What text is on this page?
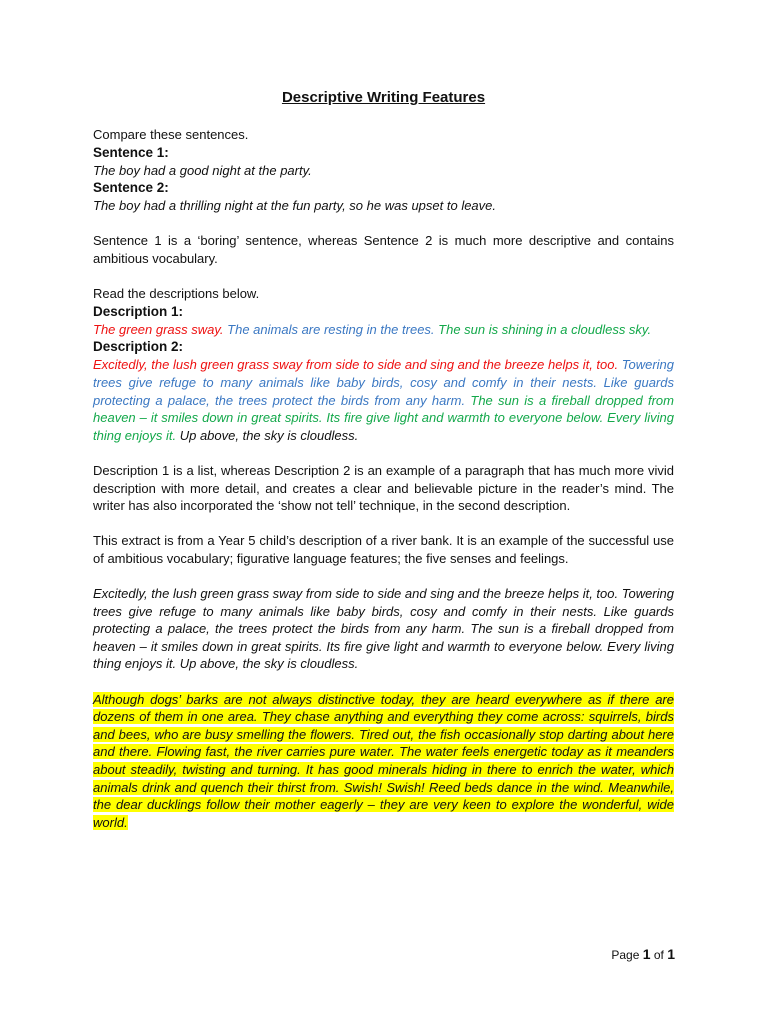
Descriptive Writing Features

Compare these sentences.

Sentence 1:

The boy had a good night at the party.

Sentence 2:

The boy had a thrilling night at the fun party, so he was upset to leave.

Sentence 1 is a ‘boring’ sentence, whereas Sentence 2 is much more descriptive and contains ambitious vocabulary.

Read the descriptions below.

Description 1:

The green grass sway. The animals are resting in the trees. The sun is shining in a cloudless sky.

Description 2:

Excitedly, the lush green grass sway from side to side and sing and the breeze helps it, too. Towering trees give refuge to many animals like baby birds, cosy and comfy in their nests. Like guards protecting a palace, the trees protect the birds from any harm. The sun is a fireball dropped from heaven – it smiles down in great spirits. Its fire give light and warmth to everyone below. Every living thing enjoys it. Up above, the sky is cloudless.

Description 1 is a list, whereas Description 2 is an example of a paragraph that has much more vivid description with more detail, and creates a clear and believable picture in the reader’s mind. The writer has also incorporated the ‘show not tell’ technique, in the second description.

This extract is from a Year 5 child’s description of a river bank. It is an example of the successful use of ambitious vocabulary; figurative language features; the five senses and feelings.

Excitedly, the lush green grass sway from side to side and sing and the breeze helps it, too. Towering trees give refuge to many animals like baby birds, cosy and comfy in their nests. Like guards protecting a palace, the trees protect the birds from any harm. The sun is a fireball dropped from heaven – it smiles down in great spirits. Its fire give light and warmth to everyone below. Every living thing enjoys it. Up above, the sky is cloudless.

Although dogs’ barks are not always distinctive today, they are heard everywhere as if there are dozens of them in one area. They chase anything and everything they come across: squirrels, birds and bees, who are busy smelling the flowers. Tired out, the fish occasionally stop darting about here and there. Flowing fast, the river carries pure water. The water feels energetic today as it meanders about steadily, twisting and turning. It has good minerals hiding in there to enrich the water, which animals drink and quench their thirst from. Swish! Swish! Reed beds dance in the wind. Meanwhile, the dear ducklings follow their mother eagerly – they are very keen to explore the wonderful, wide world.

Page 1 of 1
